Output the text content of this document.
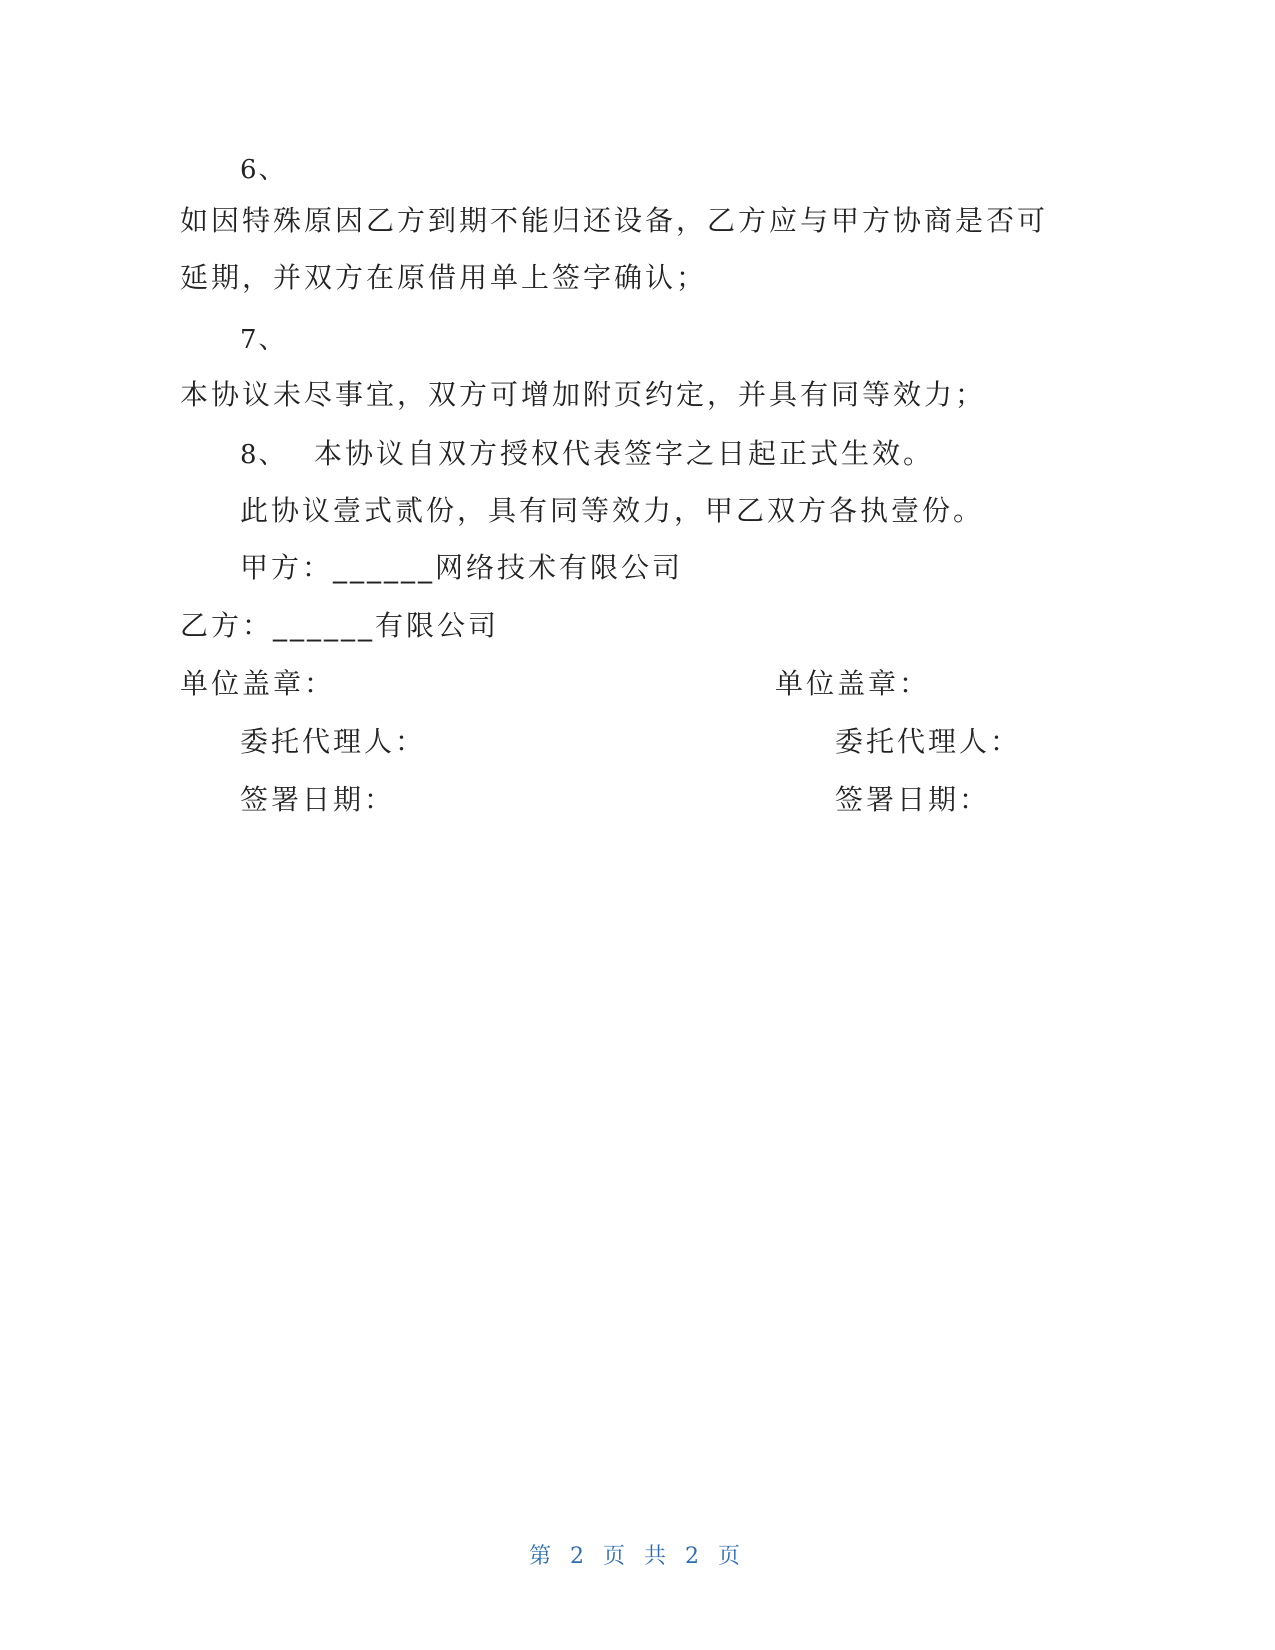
6、
如因特殊原因乙方到期不能归还设备，乙方应与甲方协商是否可
延期，并双方在原借用单上签字确认；
7、
本协议未尽事宜，双方可增加附页约定，并具有同等效力；
8、 本协议自双方授权代表签字之日起正式生效。
此协议壹式贰份，具有同等效力，甲乙双方各执壹份。
甲方：______网络技术有限公司
乙方：______有限公司
单位盖章：	单位盖章：
委托代理人：	委托代理人：
签署日期：	签署日期：
第 2 页 共 2 页
